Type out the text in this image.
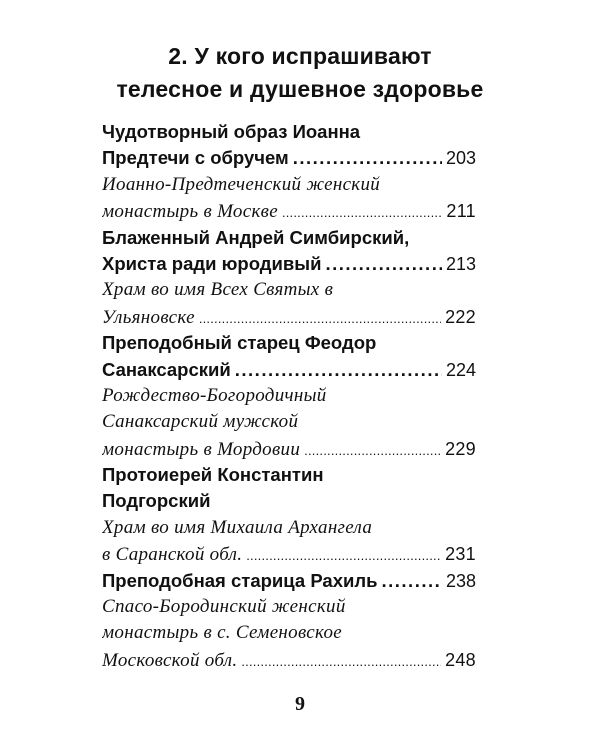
2. У кого испрашивают
телесное и душевное здоровье
Чудотворный образ Иоанна
Предтечи с обручем .....	203
Иоанно-Предтеченский женский
монастырь в Москве .....	211
Блаженный Андрей Симбирский,
Христа ради юродивый .....	213
Храм во имя Всех Святых в
Ульяновске .....	222
Преподобный старец Феодор
Санаксарский .....	224
Рождество-Богородичный
Санаксарский мужской
монастырь в Мордовии .....	229
Протоиерей Константин
Подгорский
Храм во имя Михаила Архангела
в Саранской обл. .....	231
Преподобная старица Рахиль .....	238
Спасо-Бородинский женский
монастырь в с. Семеновское
Московской обл. .....	248
9
